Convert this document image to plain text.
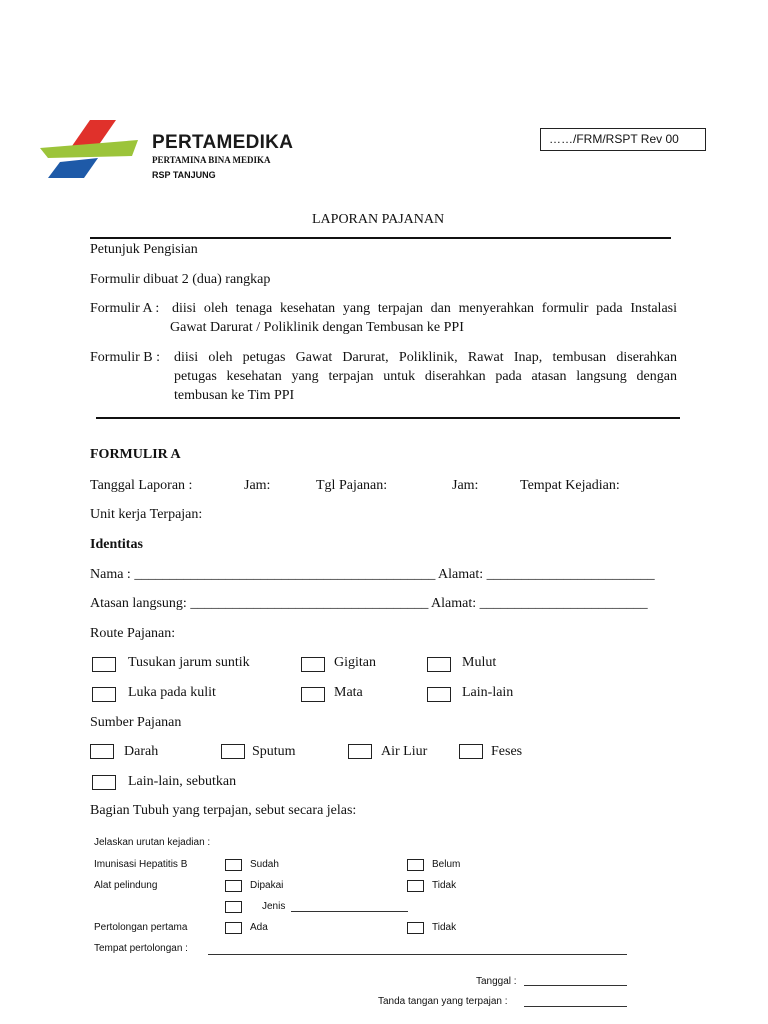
PERTAMEDIKA
PERTAMINA BINA MEDIKA
RSP TANJUNG
……/FRM/RSPT Rev 00
LAPORAN PAJANAN
Petunjuk Pengisian
Formulir dibuat 2 (dua) rangkap
Formulir A : diisi oleh tenaga kesehatan yang terpajan dan menyerahkan formulir pada Instalasi
Gawat Darurat / Poliklinik dengan Tembusan ke PPI
Formulir B : diisi oleh petugas Gawat Darurat, Poliklinik, Rawat Inap, tembusan diserahkan
petugas kesehatan yang terpajan untuk diserahkan pada atasan langsung dengan
tembusan ke Tim PPI
FORMULIR A
Tanggal Laporan :	Jam:	Tgl Pajanan:	Jam:	Tempat Kejadian:
Unit kerja Terpajan:
Identitas
Nama : ___________________________________________ Alamat: ________________________
Atasan langsung: __________________________________ Alamat: ________________________
Route Pajanan:
Tusukan jarum suntik	Gigitan	Mulut
Luka pada kulit	Mata	Lain-lain
Sumber Pajanan
Darah	Sputum	Air Liur	Feses
Lain-lain, sebutkan
Bagian Tubuh yang terpajan, sebut secara jelas:
Jelaskan urutan kejadian :
Imunisasi Hepatitis B	Sudah	Belum
Alat pelindung	Dipakai	Tidak
Jenis
Pertolongan pertama	Ada	Tidak
Tempat pertolongan :
Tanggal :
Tanda tangan yang terpajan :
